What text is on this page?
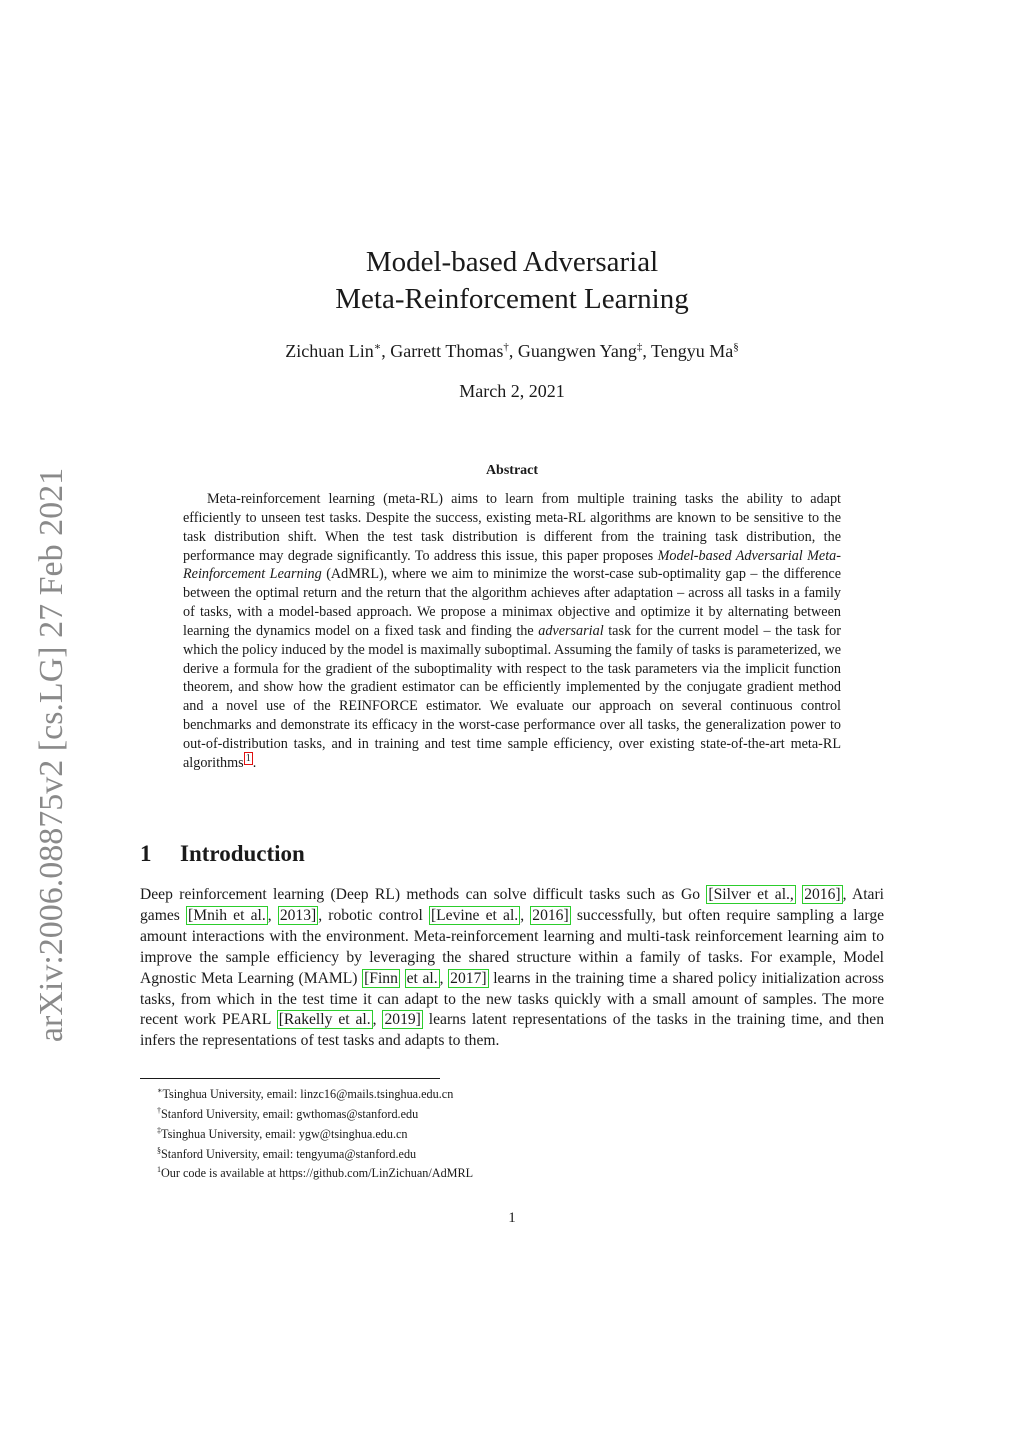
arXiv:2006.08875v2 [cs.LG] 27 Feb 2021
Model-based Adversarial
Meta-Reinforcement Learning
Zichuan Lin∗, Garrett Thomas†, Guangwen Yang‡, Tengyu Ma§
March 2, 2021
Abstract

Meta-reinforcement learning (meta-RL) aims to learn from multiple training tasks the ability to adapt efficiently to unseen test tasks. Despite the success, existing meta-RL algorithms are known to be sensitive to the task distribution shift. When the test task distribution is different from the training task distribution, the performance may degrade significantly. To address this issue, this paper proposes Model-based Adversarial Meta-Reinforcement Learning (AdMRL), where we aim to minimize the worst-case sub-optimality gap – the difference between the optimal return and the return that the algorithm achieves after adaptation – across all tasks in a family of tasks, with a model-based approach. We propose a minimax objective and optimize it by alternating between learning the dynamics model on a fixed task and finding the adversarial task for the current model – the task for which the policy induced by the model is maximally suboptimal. Assuming the family of tasks is parameterized, we derive a formula for the gradient of the suboptimality with respect to the task parameters via the implicit function theorem, and show how the gradient estimator can be efficiently implemented by the conjugate gradient method and a novel use of the REINFORCE estimator. We evaluate our approach on several continuous control benchmarks and demonstrate its efficacy in the worst-case performance over all tasks, the generalization power to out-of-distribution tasks, and in training and test time sample efficiency, over existing state-of-the-art meta-RL algorithms $^1$ .

1 Introduction

Deep reinforcement learning (Deep RL) methods can solve difficult tasks such as Go [Silver et al., 2016] , Atari games [Mnih et al. , 2013] , robotic control [Levine et al. , 2016] successfully, but often require sampling a large amount interactions with the environment. Meta-reinforcement learning and multi-task reinforcement learning aim to improve the sample efficiency by leveraging the shared structure within a family of tasks. For example, Model Agnostic Meta Learning (MAML) [Finn et al. , 2017] learns in the training time a shared policy initialization across tasks, from which in the test time it can adapt to the new tasks quickly with a small amount of samples. The more recent work PEARL [Rakelly et al. , 2019] learns latent representations of the tasks in the training time, and then infers the representations of test tasks and adapts to them.

∗Tsinghua University, email: linzc16@mails.tsinghua.edu.cn
†Stanford University, email: gwthomas@stanford.edu
‡Tsinghua University, email: ygw@tsinghua.edu.cn
§Stanford University, email: tengyuma@stanford.edu
$^1$Our code is available at https://github.com/LinZichuan/AdMRL
1
